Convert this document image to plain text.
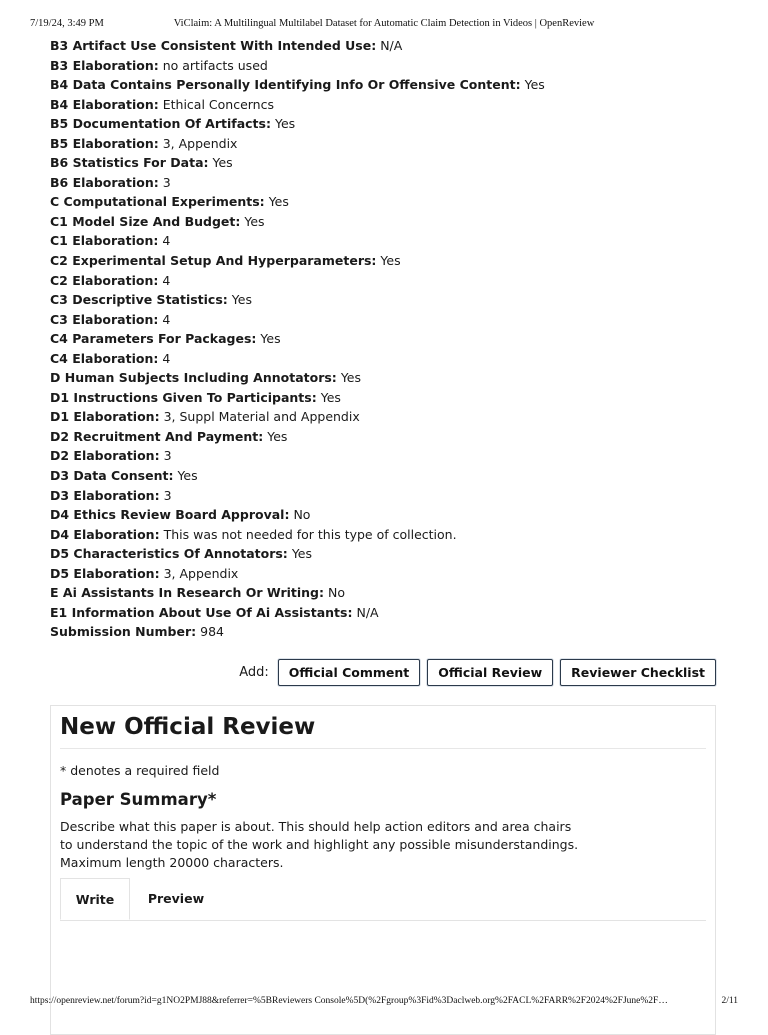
7/19/24, 3:49 PM	ViClaim: A Multilingual Multilabel Dataset for Automatic Claim Detection in Videos | OpenReview
B3 Artifact Use Consistent With Intended Use: N/A
B3 Elaboration: no artifacts used
B4 Data Contains Personally Identifying Info Or Offensive Content: Yes
B4 Elaboration: Ethical Concerncs
B5 Documentation Of Artifacts: Yes
B5 Elaboration: 3, Appendix
B6 Statistics For Data: Yes
B6 Elaboration: 3
C Computational Experiments: Yes
C1 Model Size And Budget: Yes
C1 Elaboration: 4
C2 Experimental Setup And Hyperparameters: Yes
C2 Elaboration: 4
C3 Descriptive Statistics: Yes
C3 Elaboration: 4
C4 Parameters For Packages: Yes
C4 Elaboration: 4
D Human Subjects Including Annotators: Yes
D1 Instructions Given To Participants: Yes
D1 Elaboration: 3, Suppl Material and Appendix
D2 Recruitment And Payment: Yes
D2 Elaboration: 3
D3 Data Consent: Yes
D3 Elaboration: 3
D4 Ethics Review Board Approval: No
D4 Elaboration: This was not needed for this type of collection.
D5 Characteristics Of Annotators: Yes
D5 Elaboration: 3, Appendix
E Ai Assistants In Research Or Writing: No
E1 Information About Use Of Ai Assistants: N/A
Submission Number: 984
Add:	Official Comment	Official Review	Reviewer Checklist
New Official Review
* denotes a required field
Paper Summary*
Describe what this paper is about. This should help action editors and area chairs to understand the topic of the work and highlight any possible misunderstandings. Maximum length 20000 characters.
Write	Preview
https://openreview.net/forum?id=g1NO2PMJ88&referrer=%5BReviewers Console%5D(%2Fgroup%3Fid%3Daclweb.org%2FACL%2FARR%2F2024%2FJune%2F…	2/11
